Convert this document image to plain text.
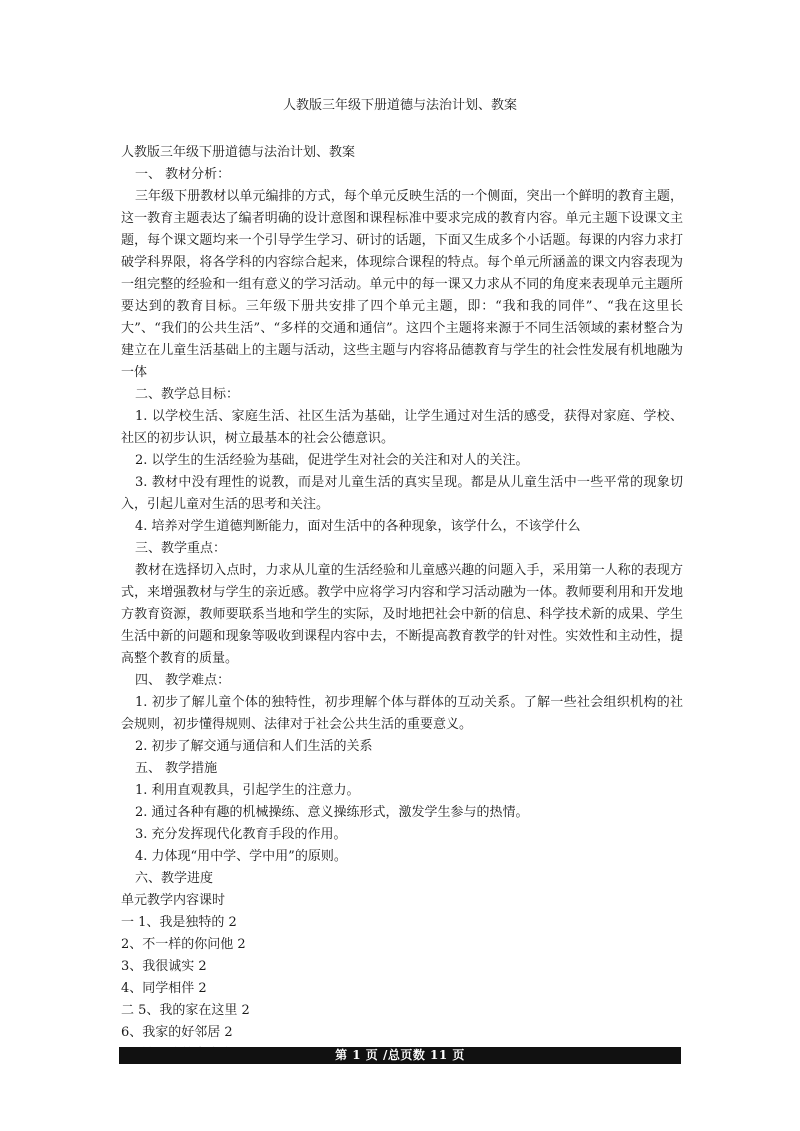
人教版三年级下册道德与法治计划、教案

人教版三年级下册道德与法治计划、教案

一、 教材分析：

三年级下册教材以单元编排的方式，每个单元反映生活的一个侧面，突出一个鲜明的教育主题，这一教育主题表达了编者明确的设计意图和课程标准中要求完成的教育内容。单元主题下设课文主题，每个课文题均来一个引导学生学习、研讨的话题，下面又生成多个小话题。每课的内容力求打破学科界限，将各学科的内容综合起来，体现综合课程的特点。每个单元所涵盖的课文内容表现为一组完整的经验和一组有意义的学习活动。单元中的每一课又力求从不同的角度来表现单元主题所要达到的教育目标。三年级下册共安排了四个单元主题，即：“我和我的同伴”、“我在这里长大”、“我们的公共生活”、“多样的交通和通信”。这四个主题将来源于不同生活领域的素材整合为建立在儿童生活基础上的主题与活动，这些主题与内容将品德教育与学生的社会性发展有机地融为一体

二、教学总目标：

1. 以学校生活、家庭生活、社区生活为基础，让学生通过对生活的感受，获得对家庭、学校、社区的初步认识，树立最基本的社会公德意识。

2. 以学生的生活经验为基础，促进学生对社会的关注和对人的关注。

3. 教材中没有理性的说教，而是对儿童生活的真实呈现。都是从儿童生活中一些平常的现象切入，引起儿童对生活的思考和关注。

4. 培养对学生道德判断能力，面对生活中的各种现象，该学什么，不该学什么

三、教学重点：

教材在选择切入点时，力求从儿童的生活经验和儿童感兴趣的问题入手，采用第一人称的表现方式，来增强教材与学生的亲近感。教学中应将学习内容和学习活动融为一体。教师要利用和开发地方教育资源，教师要联系当地和学生的实际，及时地把社会中新的信息、科学技术新的成果、学生生活中新的问题和现象等吸收到课程内容中去，不断提高教育教学的针对性。实效性和主动性，提高整个教育的质量。

四、 教学难点：

1. 初步了解儿童个体的独特性，初步理解个体与群体的互动关系。了解一些社会组织机构的社会规则，初步懂得规则、法律对于社会公共生活的重要意义。

2. 初步了解交通与通信和人们生活的关系

五、 教学措施

1. 利用直观教具，引起学生的注意力。

2. 通过各种有趣的机械操练、意义操练形式，激发学生参与的热情。

3. 充分发挥现代化教育手段的作用。

4. 力体现“用中学、学中用”的原则。

六、教学进度

单元教学内容课时

一 1、我是独特的 2

2、不一样的你问他 2

3、我很诚实 2

4、同学相伴 2

二 5、我的家在这里 2

6、我家的好邻居 2

第 1 页 /总页数 11 页
